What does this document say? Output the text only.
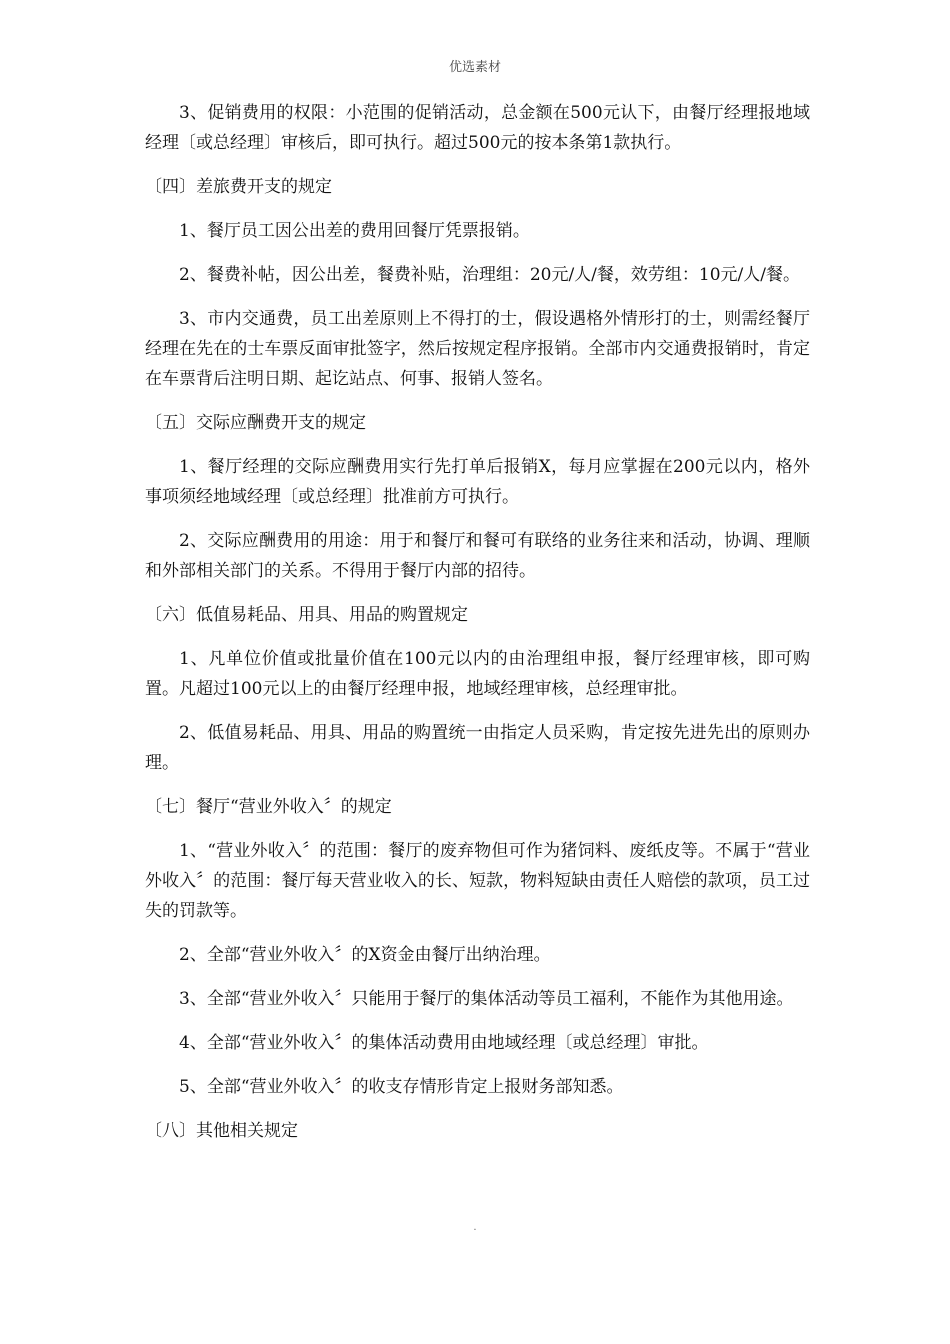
优选素材

3、促销费用的权限：小范围的促销活动，总金额在500元认下，由餐厅经理报地域经理〔或总经理〕审核后，即可执行。超过500元的按本条第1款执行。

〔四〕差旅费开支的规定

1、餐厅员工因公出差的费用回餐厅凭票报销。

2、餐费补帖，因公出差，餐费补贴，治理组：20元/人/餐，效劳组：10元/人/餐。

3、市内交通费，员工出差原则上不得打的士，假设遇格外情形打的士，则需经餐厅经理在先在的士车票反面审批签字，然后按规定程序报销。全部市内交通费报销时，肯定在车票背后注明日期、起讫站点、何事、报销人签名。

〔五〕交际应酬费开支的规定

1、餐厅经理的交际应酬费用实行先打单后报销X，每月应掌握在200元以内，格外事项须经地域经理〔或总经理〕批准前方可执行。

2、交际应酬费用的用途：用于和餐厅和餐可有联络的业务往来和活动，协调、理顺和外部相关部门的关系。不得用于餐厅内部的招待。

〔六〕低值易耗品、用具、用品的购置规定

1、凡单位价值或批量价值在100元以内的由治理组申报，餐厅经理审核，即可购置。凡超过100元以上的由餐厅经理申报，地域经理审核，总经理审批。

2、低值易耗品、用具、用品的购置统一由指定人员采购，肯定按先进先出的原则办理。

〔七〕餐厅“营业外收入〞的规定

1、“营业外收入〞的范围：餐厅的废弃物但可作为猪饲料、废纸皮等。不属于“营业外收入〞的范围：餐厅每天营业收入的长、短款，物料短缺由责任人赔偿的款项，员工过失的罚款等。

2、全部“营业外收入〞的X资金由餐厅出纳治理。

3、全部“营业外收入〞只能用于餐厅的集体活动等员工福利，不能作为其他用途。

4、全部“营业外收入〞的集体活动费用由地域经理〔或总经理〕审批。

5、全部“营业外收入〞的收支存情形肯定上报财务部知悉。

〔八〕其他相关规定

.
